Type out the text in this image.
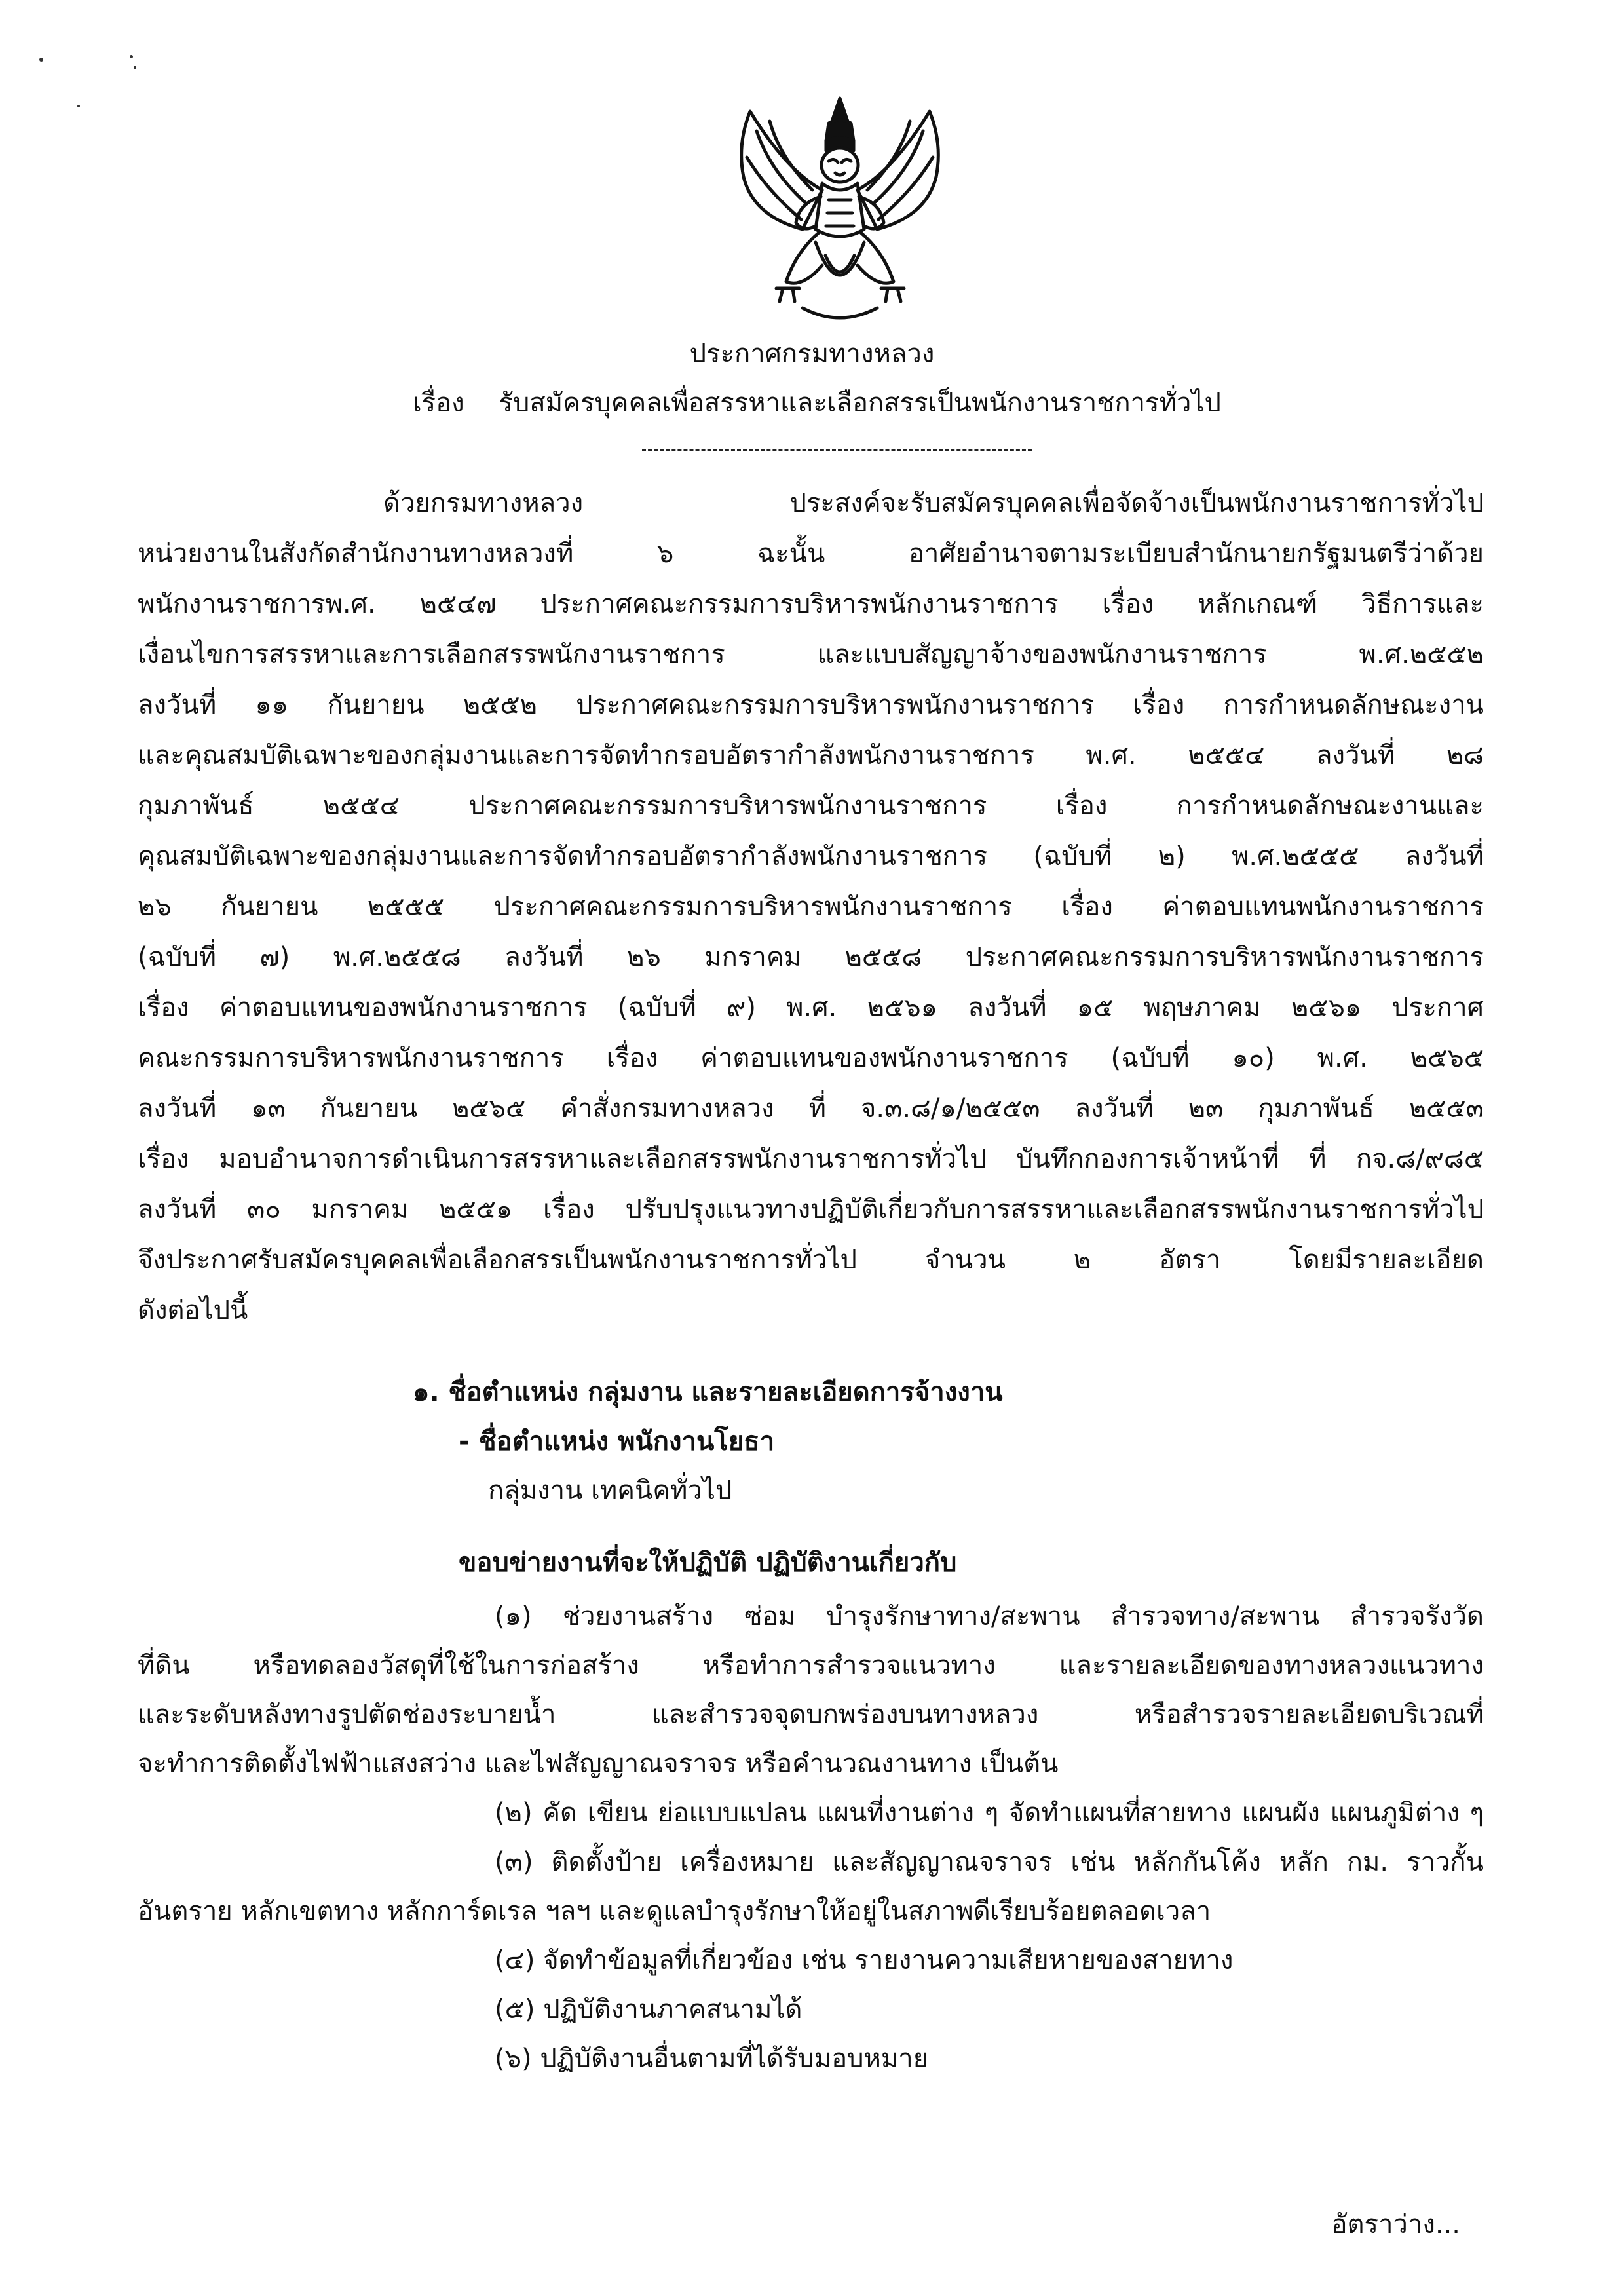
ประกาศกรมทางหลวง
เรื่อง รับสมัครบุคคลเพื่อสรรหาและเลือกสรรเป็นพนักงานราชการทั่วไป
ด้วยกรมทางหลวง ประสงค์จะรับสมัครบุคคลเพื่อจัดจ้างเป็นพนักงานราชการทั่วไป
หน่วยงานในสังกัดสำนักงานทางหลวงที่ ๖ ฉะนั้น อาศัยอำนาจตามระเบียบสำนักนายกรัฐมนตรีว่าด้วย
พนักงานราชการพ.ศ. ๒๕๔๗ ประกาศคณะกรรมการบริหารพนักงานราชการ เรื่อง หลักเกณฑ์ วิธีการและ
เงื่อนไขการสรรหาและการเลือกสรรพนักงานราชการ และแบบสัญญาจ้างของพนักงานราชการ พ.ศ.๒๕๕๒
ลงวันที่ ๑๑ กันยายน ๒๕๕๒ ประกาศคณะกรรมการบริหารพนักงานราชการ เรื่อง การกำหนดลักษณะงาน
และคุณสมบัติเฉพาะของกลุ่มงานและการจัดทำกรอบอัตรากำลังพนักงานราชการ พ.ศ. ๒๕๕๔ ลงวันที่ ๒๘
กุมภาพันธ์ ๒๕๕๔ ประกาศคณะกรรมการบริหารพนักงานราชการ เรื่อง การกำหนดลักษณะงานและ
คุณสมบัติเฉพาะของกลุ่มงานและการจัดทำกรอบอัตรากำลังพนักงานราชการ (ฉบับที่ ๒) พ.ศ.๒๕๕๕ ลงวันที่
๒๖ กันยายน ๒๕๕๕ ประกาศคณะกรรมการบริหารพนักงานราชการ เรื่อง ค่าตอบแทนพนักงานราชการ
(ฉบับที่ ๗) พ.ศ.๒๕๕๘ ลงวันที่ ๒๖ มกราคม ๒๕๕๘ ประกาศคณะกรรมการบริหารพนักงานราชการ
เรื่อง ค่าตอบแทนของพนักงานราชการ (ฉบับที่ ๙) พ.ศ. ๒๕๖๑ ลงวันที่ ๑๕ พฤษภาคม ๒๕๖๑ ประกาศ
คณะกรรมการบริหารพนักงานราชการ เรื่อง ค่าตอบแทนของพนักงานราชการ (ฉบับที่ ๑๐) พ.ศ. ๒๕๖๕
ลงวันที่ ๑๓ กันยายน ๒๕๖๕ คำสั่งกรมทางหลวง ที่ จ.๓.๘/๑/๒๕๕๓ ลงวันที่ ๒๓ กุมภาพันธ์ ๒๕๕๓
เรื่อง มอบอำนาจการดำเนินการสรรหาและเลือกสรรพนักงานราชการทั่วไป บันทึกกองการเจ้าหน้าที่ ที่ กจ.๘/๙๘๕
ลงวันที่ ๓๐ มกราคม ๒๕๕๑ เรื่อง ปรับปรุงแนวทางปฏิบัติเกี่ยวกับการสรรหาและเลือกสรรพนักงานราชการทั่วไป
จึงประกาศรับสมัครบุคคลเพื่อเลือกสรรเป็นพนักงานราชการทั่วไป จำนวน ๒ อัตรา โดยมีรายละเอียด
ดังต่อไปนี้
๑. ชื่อตำแหน่ง กลุ่มงาน และรายละเอียดการจ้างงาน
- ชื่อตำแหน่ง พนักงานโยธา
กลุ่มงาน เทคนิคทั่วไป
ขอบข่ายงานที่จะให้ปฏิบัติ ปฏิบัติงานเกี่ยวกับ
(๑) ช่วยงานสร้าง ซ่อม บำรุงรักษาทาง/สะพาน สำรวจทาง/สะพาน สำรวจรังวัด
ที่ดิน หรือทดลองวัสดุที่ใช้ในการก่อสร้าง หรือทำการสำรวจแนวทาง และรายละเอียดของทางหลวงแนวทาง
และระดับหลังทางรูปตัดช่องระบายน้ำ และสำรวจจุดบกพร่องบนทางหลวง หรือสำรวจรายละเอียดบริเวณที่
จะทำการติดตั้งไฟฟ้าแสงสว่าง และไฟสัญญาณจราจร หรือคำนวณงานทาง เป็นต้น
(๒) คัด เขียน ย่อแบบแปลน แผนที่งานต่าง ๆ จัดทำแผนที่สายทาง แผนผัง แผนภูมิต่าง ๆ
(๓) ติดตั้งป้าย เครื่องหมาย และสัญญาณจราจร เช่น หลักกันโค้ง หลัก กม. ราวกั้น
อันตราย หลักเขตทาง หลักการ์ดเรล ฯลฯ และดูแลบำรุงรักษาให้อยู่ในสภาพดีเรียบร้อยตลอดเวลา
(๔) จัดทำข้อมูลที่เกี่ยวข้อง เช่น รายงานความเสียหายของสายทาง
(๕) ปฏิบัติงานภาคสนามได้
(๖) ปฏิบัติงานอื่นตามที่ได้รับมอบหมาย
อัตราว่าง...
